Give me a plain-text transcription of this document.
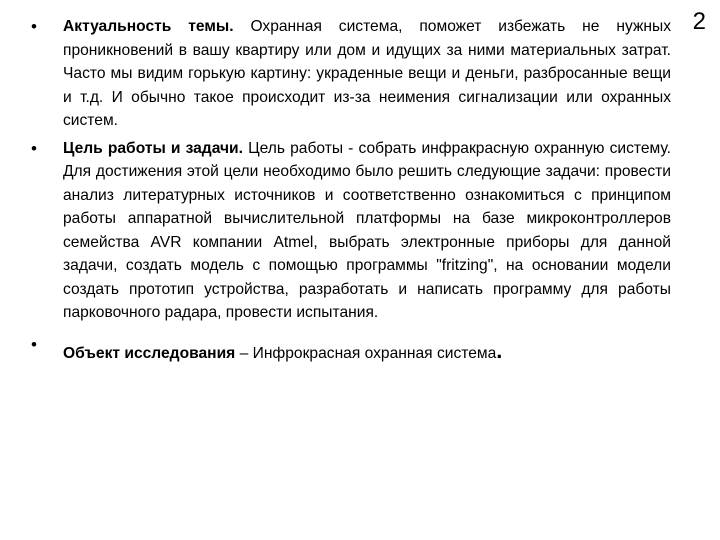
2
• Актуальность темы. Охранная система, поможет избежать не нужных проникновений в вашу квартиру или дом и идущих за ними материальных затрат. Часто мы видим горькую картину: украденные вещи и деньги, разбросанные вещи и т.д. И обычно такое происходит из-за неимения сигнализации или охранных систем.
• Цель работы и задачи. Цель работы - собрать инфракрасную охранную систему. Для достижения этой цели необходимо было решить следующие задачи: провести анализ литературных источников и соответственно ознакомиться с принципом работы аппаратной вычислительной платформы на базе микроконтроллеров семейства AVR компании Atmel, выбрать электронные приборы для данной задачи, создать модель с помощью программы "fritzing", на основании модели создать прототип устройства, разработать и написать программу для работы парковочного радара, провести испытания.
• Объект исследования – Инфрокрасная охранная система.
